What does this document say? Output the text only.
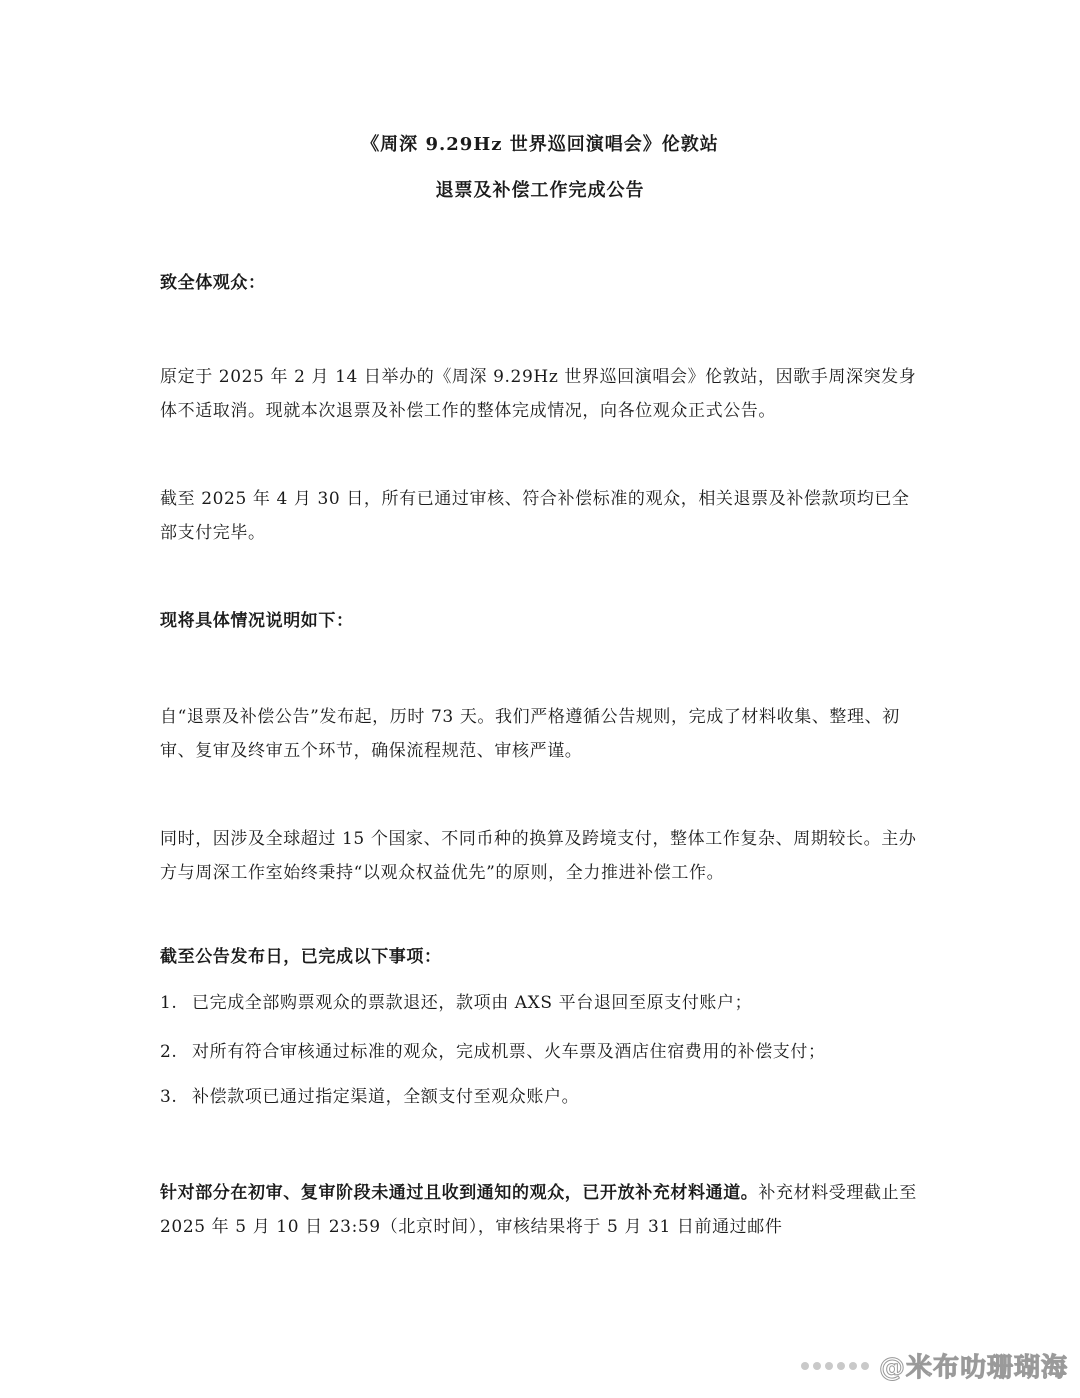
《周深 9.29Hz 世界巡回演唱会》伦敦站
退票及补偿工作完成公告

致全体观众：

原定于 2025 年 2 月 14 日举办的《周深 9.29Hz 世界巡回演唱会》伦敦站，因歌手周深突发身体不适取消。现就本次退票及补偿工作的整体完成情况，向各位观众正式公告。

截至 2025 年 4 月 30 日，所有已通过审核、符合补偿标准的观众，相关退票及补偿款项均已全部支付完毕。

现将具体情况说明如下：

自“退票及补偿公告”发布起，历时 73 天。我们严格遵循公告规则，完成了材料收集、整理、初审、复审及终审五个环节，确保流程规范、审核严谨。

同时，因涉及全球超过 15 个国家、不同币种的换算及跨境支付，整体工作复杂、周期较长。主办方与周深工作室始终秉持“以观众权益优先”的原则，全力推进补偿工作。

截至公告发布日，已完成以下事项：

1. 已完成全部购票观众的票款退还，款项由 AXS 平台退回至原支付账户；
2. 对所有符合审核通过标准的观众，完成机票、火车票及酒店住宿费用的补偿支付；
3. 补偿款项已通过指定渠道，全额支付至观众账户。

针对部分在初审、复审阶段未通过且收到通知的观众，已开放补充材料通道。补充材料受理截止至 2025 年 5 月 10 日 23:59（北京时间），审核结果将于 5 月 31 日前通过邮件

@米布叻珊瑚海
